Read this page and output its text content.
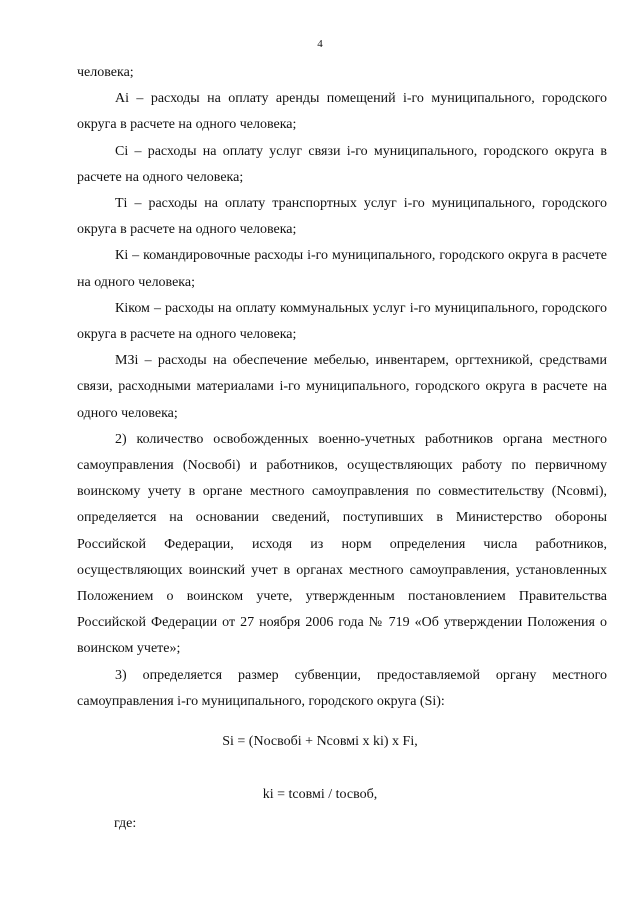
4

человека;

Аi – расходы на оплату аренды помещений i-го муниципального, городского округа в расчете на одного человека;

Сi – расходы на оплату услуг связи i-го муниципального, городского округа в расчете на одного человека;

Тi – расходы на оплату транспортных услуг i-го муниципального, городского округа в расчете на одного человека;

Кi – командировочные расходы i-го муниципального, городского округа в расчете на одного человека;

Кiком – расходы на оплату коммунальных услуг i-го муниципального, городского округа в расчете на одного человека;

МЗi – расходы на обеспечение мебелью, инвентарем, оргтехникой, средствами связи, расходными материалами i-го муниципального, городского округа в расчете на одного человека;

2) количество освобожденных военно-учетных работников органа местного самоуправления (Nосвобi) и работников, осуществляющих работу по первичному воинскому учету в органе местного самоуправления по совместительству (Nсовмi), определяется на основании сведений, поступивших в Министерство обороны Российской Федерации, исходя из норм определения числа работников, осуществляющих воинский учет в органах местного самоуправления, установленных Положением о воинском учете, утвержденным постановлением Правительства Российской Федерации от 27 ноября 2006 года № 719 «Об утверждении Положения о воинском учете»;

3) определяется размер субвенции, предоставляемой органу местного самоуправления i-го муниципального, городского округа (Si):

Si = (Nосвобi + Nсовмi x ki) x Fi,
ki = tсовмi / tосвоб,
где:
